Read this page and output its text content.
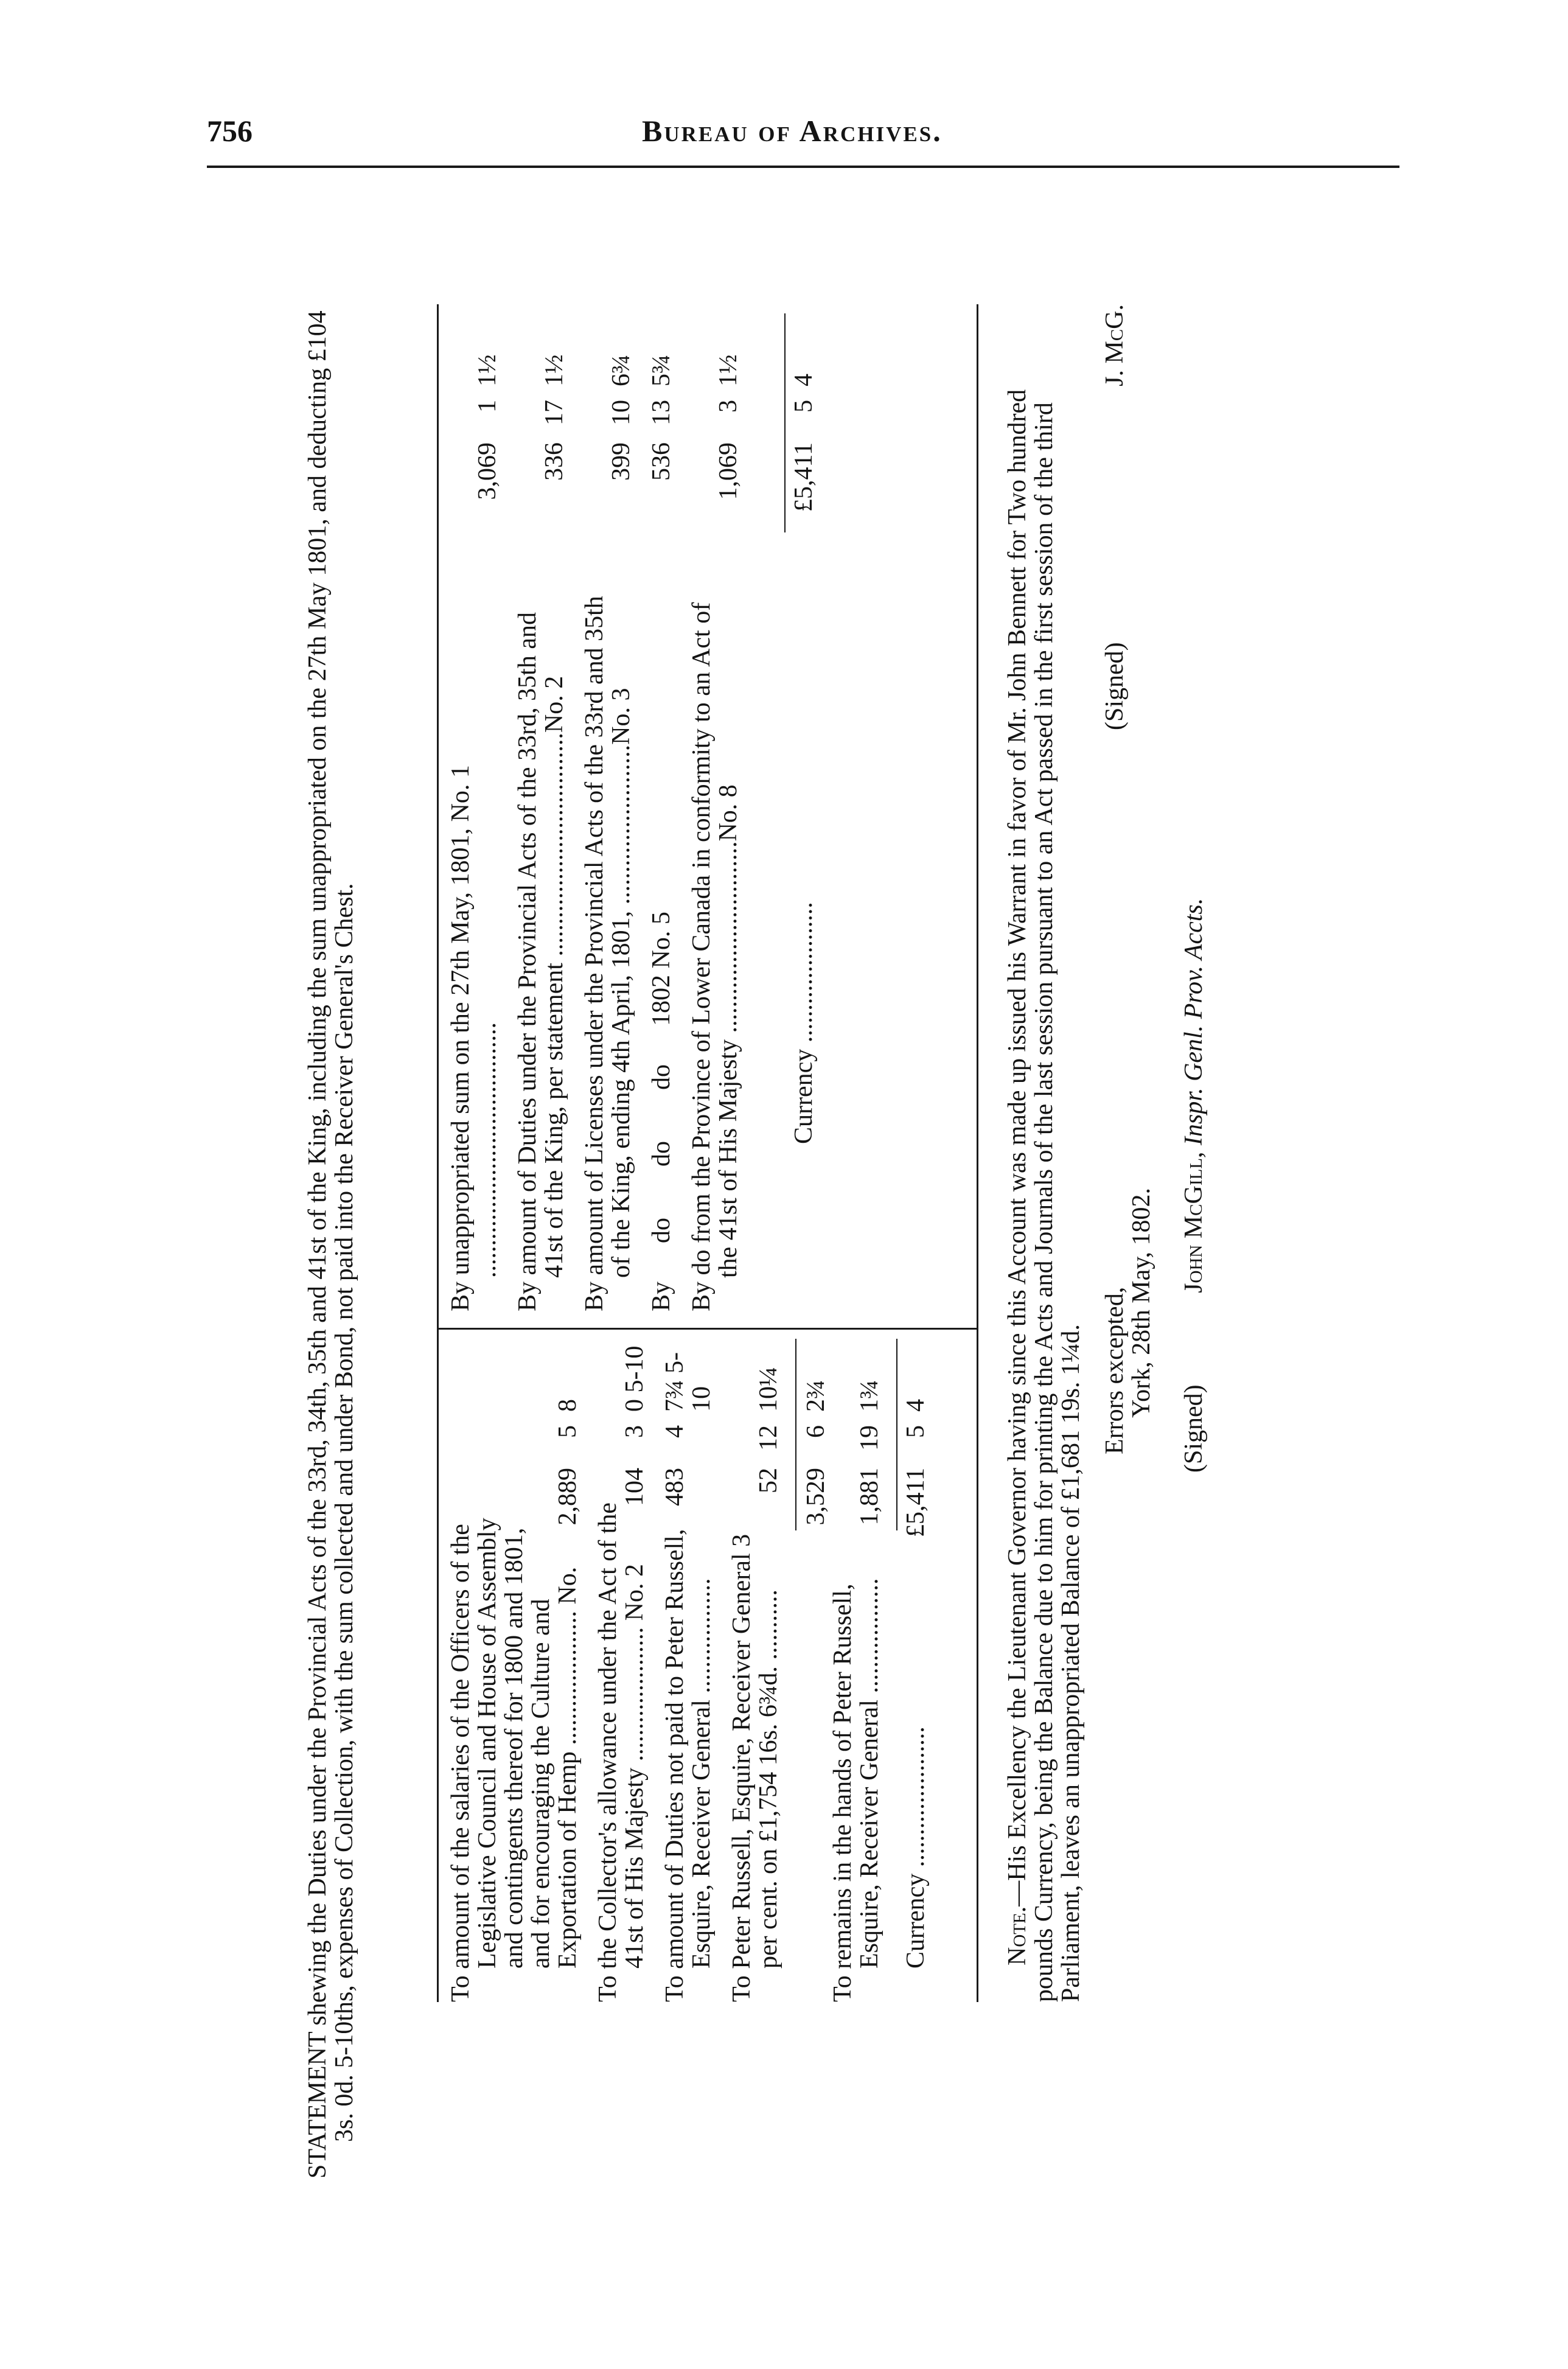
756	Bureau of Archives.

STATEMENT shewing the Duties under the Provincial Acts of the 33rd, 34th, 35th and 41st of the King, including the sum unappropriated on the 27th May 1801, and deducting £104 3s. 0d. 5-10ths, expenses of Collection, with the sum collected and under Bond, not paid into the Receiver General's Chest.	To amount of the salaries of the Officers of the Legislative Council and House of Assembly and contingents thereof for 1800 and 1801, and for encouraging the Culture and Exportation of Hemp ..................... No.
2,889
5
8
To the Collector's allowance under the Act of the 41st of His Majesty ..................... No. 2
104
3
0 5-10
To amount of Duties not paid to Peter Russell, Esquire, Receiver General ..................
483
4
7¾ 5-10
To Peter Russell, Esquire, Receiver General 3 per cent. on £1,754 16s. 6¾d. ...........
52
12
10¼
3,529
6
2¾
To remains in the hands of Peter Russell, Esquire, Receiver General ..................
1,881
19
1¾
Currency ......................
£5,411
5
4
By unappropriated sum on the 27th May, 1801, No. 1 ........................................
3,069
1
1½
By amount of Duties under the Provincial Acts of the 33rd, 35th and 41st of the King, per statement ...................................No. 2
336
17
1½
By amount of Licenses under the Provincial Acts of the 33rd and 35th of the King, ending 4th April, 1801, .........................No. 3
399
10
6¾
By      do        do        do      1802 No. 5
536
13
5¾
By do from the Province of Lower Canada in conformity to an Act of the 41st of His Majesty ..............................No. 8
1,069
3
1½
Currency ......................
£5,411
5
4

Note.—His Excellency the Lieutenant Governor having since this Account was made up issued his Warrant in favor of Mr. John Bennett for Two hundred pounds Currency, being the Balance due to him for printing the Acts and Journals of the last session pursuant to an Act passed in the first session of the third Parliament, leaves an unappropriated Balance of £1,681 19s. 1¼d. Errors excepted,
York, 28th May, 1802.
(Signed)
J. McG.
(Signed) John McGill, Inspr. Genl. Prov. Accts.
